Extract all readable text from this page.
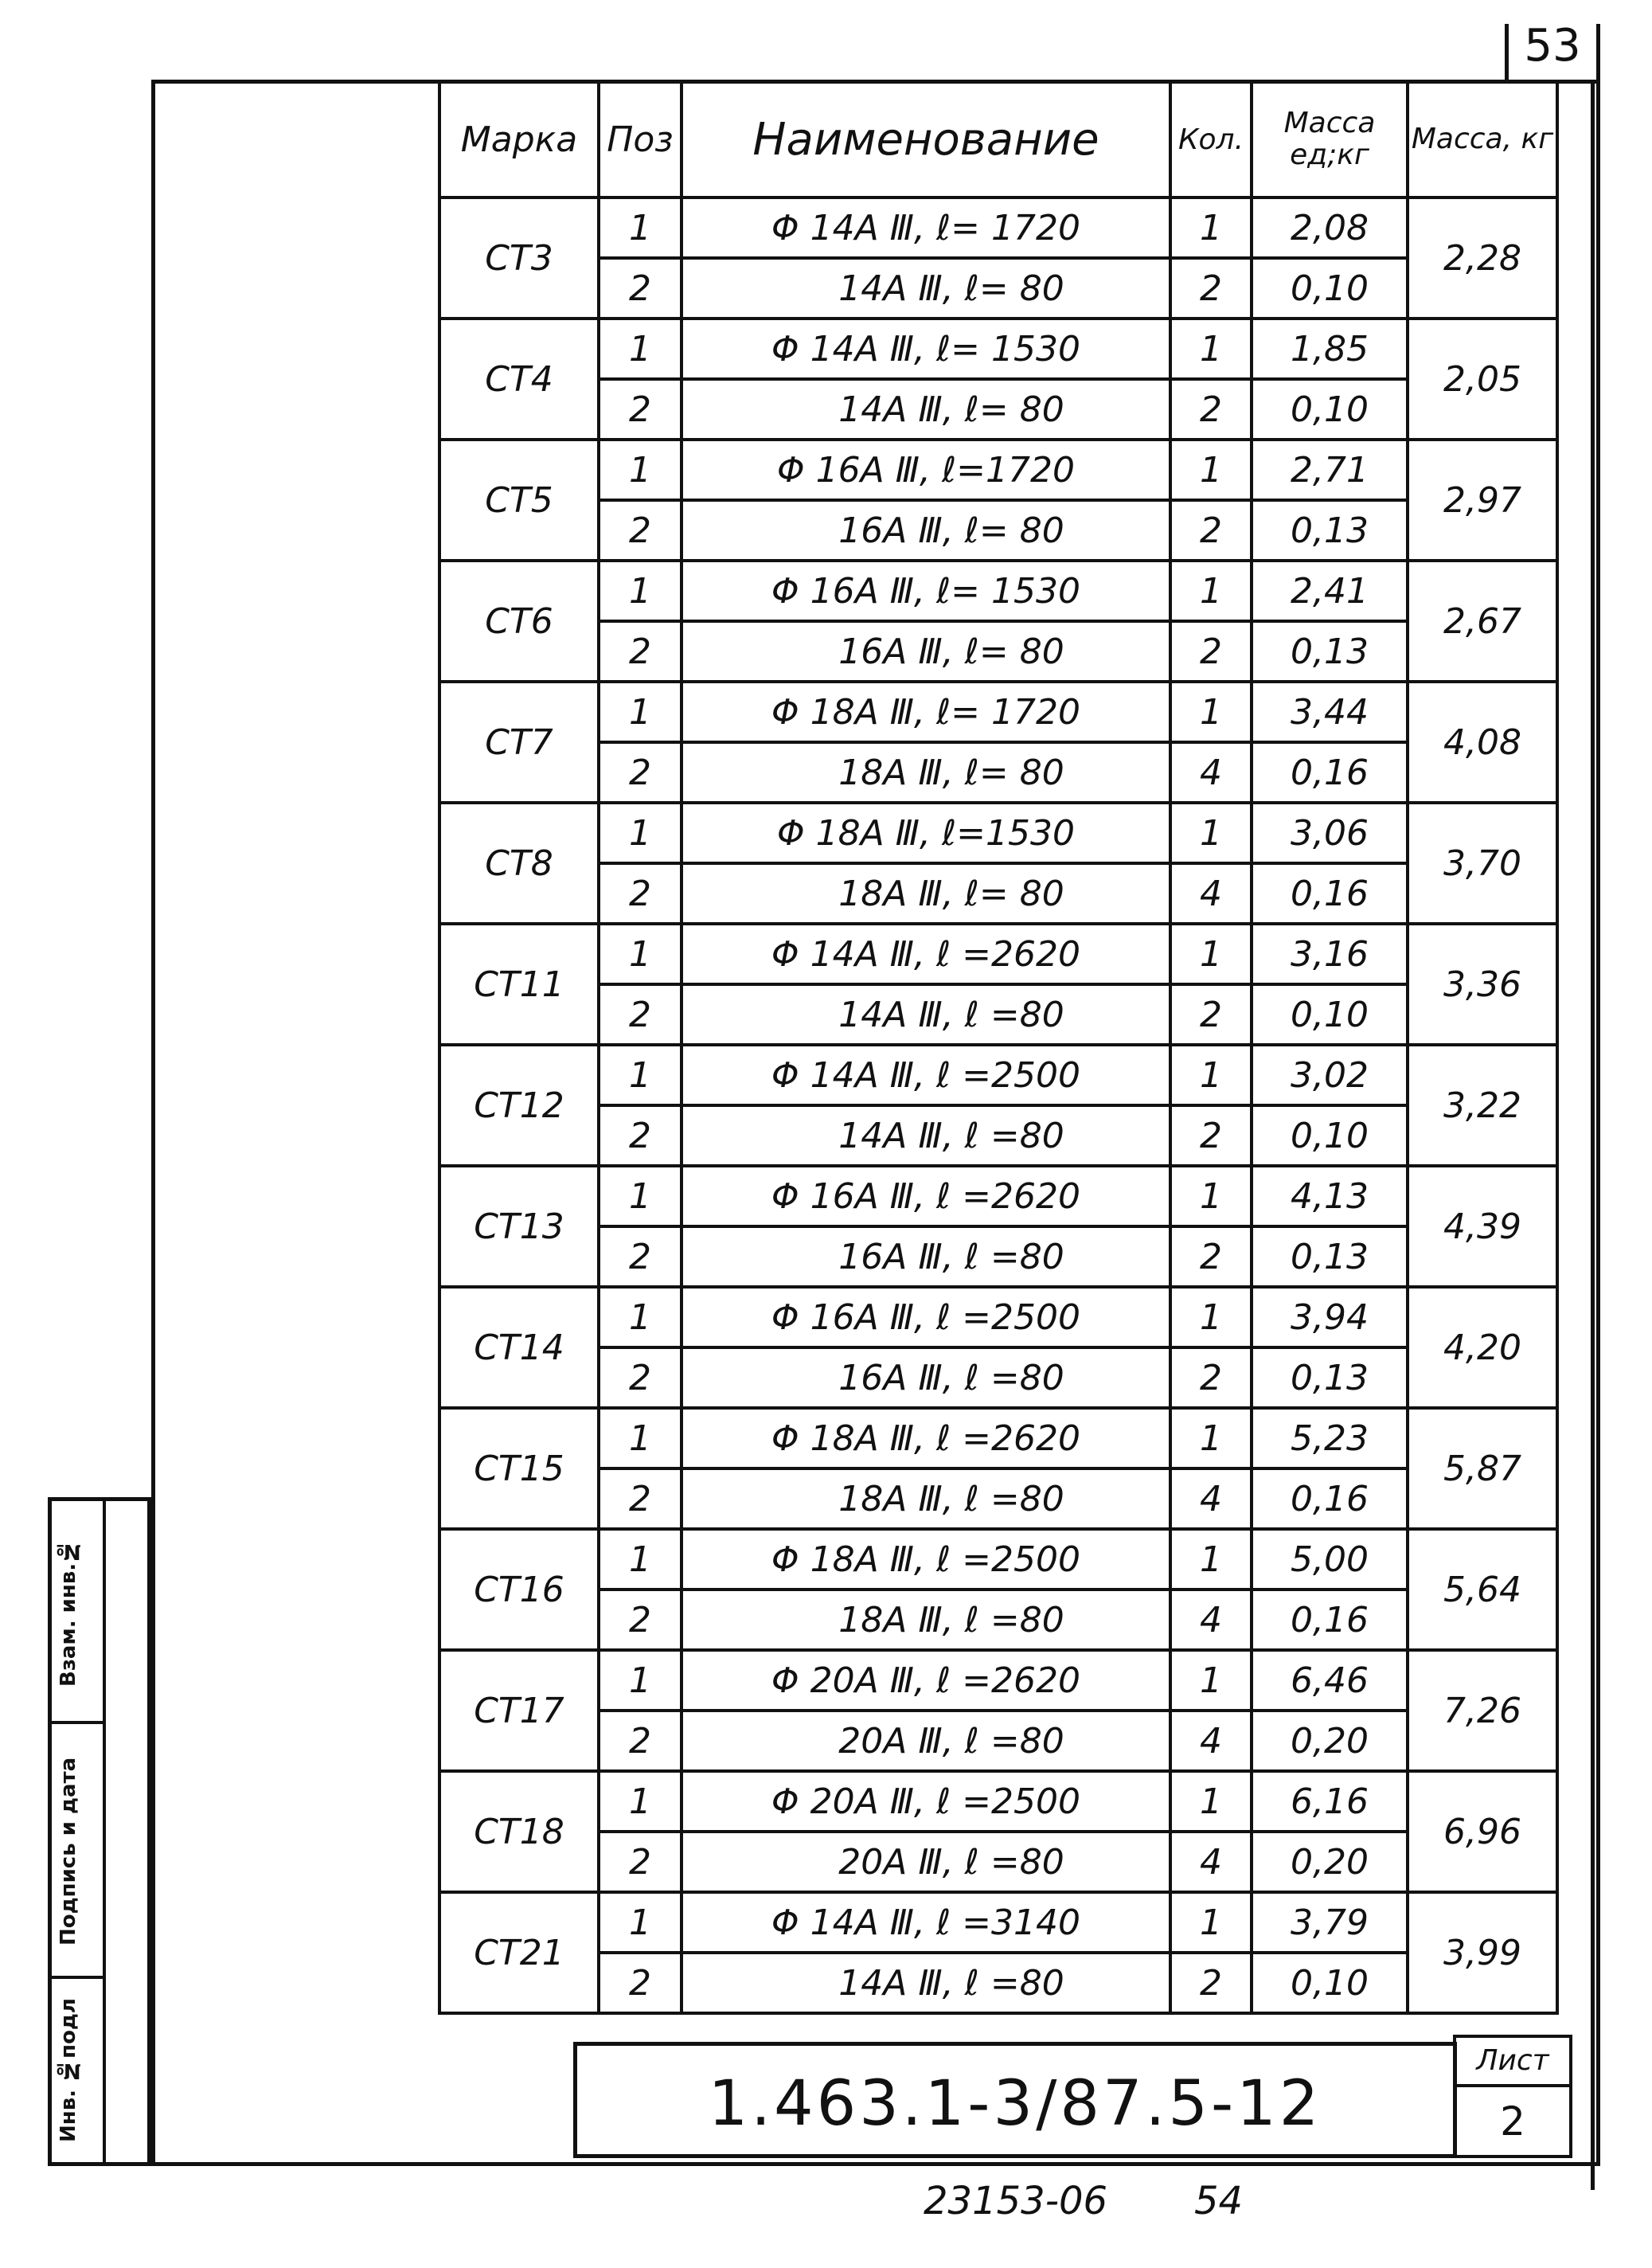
53
Взам. инв.№
Подпись и дата
Инв. №подл
Марка	Поз	Наименование	Кол.	Масса ед;кг	Масса, кг
СТ3	1	Φ 14А Ⅲ, ℓ= 1720	1	2,08	2,28
	2	14А Ⅲ, ℓ= 80	2	0,10	
СТ4	1	Φ 14А Ⅲ, ℓ= 1530	1	1,85	2,05
	2	14А Ⅲ, ℓ= 80	2	0,10	
СТ5	1	Φ 16А Ⅲ, ℓ=1720	1	2,71	2,97
	2	16А Ⅲ, ℓ= 80	2	0,13	
СТ6	1	Φ 16А Ⅲ, ℓ= 1530	1	2,41	2,67
	2	16А Ⅲ, ℓ= 80	2	0,13	
СТ7	1	Φ 18А Ⅲ, ℓ= 1720	1	3,44	4,08
	2	18А Ⅲ, ℓ= 80	4	0,16	
СТ8	1	Φ 18А Ⅲ, ℓ=1530	1	3,06	3,70
	2	18А Ⅲ, ℓ= 80	4	0,16	
СТ11	1	Φ 14А Ⅲ, ℓ =2620	1	3,16	3,36
	2	14А Ⅲ, ℓ =80	2	0,10	
СТ12	1	Φ 14А Ⅲ, ℓ =2500	1	3,02	3,22
	2	14А Ⅲ, ℓ =80	2	0,10	
СТ13	1	Φ 16А Ⅲ, ℓ =2620	1	4,13	4,39
	2	16А Ⅲ, ℓ =80	2	0,13	
СТ14	1	Φ 16А Ⅲ, ℓ =2500	1	3,94	4,20
	2	16А Ⅲ, ℓ =80	2	0,13	
СТ15	1	Φ 18А Ⅲ, ℓ =2620	1	5,23	5,87
	2	18А Ⅲ, ℓ =80	4	0,16	
СТ16	1	Φ 18А Ⅲ, ℓ =2500	1	5,00	5,64
	2	18А Ⅲ, ℓ =80	4	0,16	
СТ17	1	Φ 20А Ⅲ, ℓ =2620	1	6,46	7,26
	2	20А Ⅲ, ℓ =80	4	0,20	
СТ18	1	Φ 20А Ⅲ, ℓ =2500	1	6,16	6,96
	2	20А Ⅲ, ℓ =80	4	0,20	
СТ21	1	Φ 14А Ⅲ, ℓ =3140	1	3,79	3,99
	2	14А Ⅲ, ℓ =80	2	0,10	
1.463.1-3/87.5-12
Лист
2
23153-06 54
